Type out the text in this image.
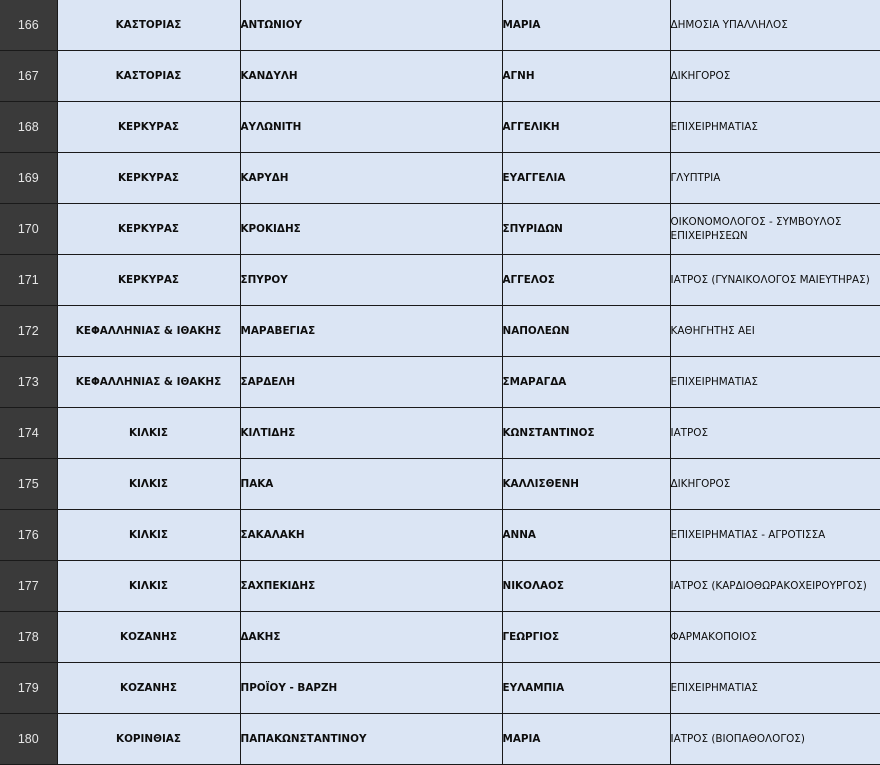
166	ΚΑΣΤΟΡΙΑΣ	ΑΝΤΩΝΙΟΥ	ΜΑΡΙΑ	ΔΗΜΟΣΙΑ ΥΠΑΛΛΗΛΟΣ
167	ΚΑΣΤΟΡΙΑΣ	ΚΑΝΔΥΛΗ	ΑΓΝΗ	ΔΙΚΗΓΟΡΟΣ
168	ΚΕΡΚΥΡΑΣ	ΑΥΛΩΝΙΤΗ	ΑΓΓΕΛΙΚΗ	ΕΠΙΧΕΙΡΗΜΑΤΙΑΣ
169	ΚΕΡΚΥΡΑΣ	ΚΑΡΥΔΗ	ΕΥΑΓΓΕΛΙΑ	ΓΛΥΠΤΡΙΑ
170	ΚΕΡΚΥΡΑΣ	ΚΡΟΚΙΔΗΣ	ΣΠΥΡΙΔΩΝ	ΟΙΚΟΝΟΜΟΛΟΓΟΣ - ΣΥΜΒΟΥΛΟΣ ΕΠΙΧΕΙΡΗΣΕΩΝ
171	ΚΕΡΚΥΡΑΣ	ΣΠΥΡΟΥ	ΑΓΓΕΛΟΣ	ΙΑΤΡΟΣ (ΓΥΝΑΙΚΟΛΟΓΟΣ ΜΑΙΕΥΤΗΡΑΣ)
172	ΚΕΦΑΛΛΗΝΙΑΣ & ΙΘΑΚΗΣ	ΜΑΡΑΒΕΓΙΑΣ	ΝΑΠΟΛΕΩΝ	ΚΑΘΗΓΗΤΗΣ ΑΕΙ
173	ΚΕΦΑΛΛΗΝΙΑΣ & ΙΘΑΚΗΣ	ΣΑΡΔΕΛΗ	ΣΜΑΡΑΓΔΑ	ΕΠΙΧΕΙΡΗΜΑΤΙΑΣ
174	ΚΙΛΚΙΣ	ΚΙΛΤΙΔΗΣ	ΚΩΝΣΤΑΝΤΙΝΟΣ	ΙΑΤΡΟΣ
175	ΚΙΛΚΙΣ	ΠΑΚΑ	ΚΑΛΛΙΣΘΕΝΗ	ΔΙΚΗΓΟΡΟΣ
176	ΚΙΛΚΙΣ	ΣΑΚΑΛΑΚΗ	ΑΝΝΑ	ΕΠΙΧΕΙΡΗΜΑΤΙΑΣ - ΑΓΡΟΤΙΣΣΑ
177	ΚΙΛΚΙΣ	ΣΑΧΠΕΚΙΔΗΣ	ΝΙΚΟΛΑΟΣ	ΙΑΤΡΟΣ (ΚΑΡΔΙΟΘΩΡΑΚΟΧΕΙΡΟΥΡΓΟΣ)
178	ΚΟΖΑΝΗΣ	ΔΑΚΗΣ	ΓΕΩΡΓΙΟΣ	ΦΑΡΜΑΚΟΠΟΙΟΣ
179	ΚΟΖΑΝΗΣ	ΠΡΟΪΟΥ - ΒΑΡΖΗ	ΕΥΛΑΜΠΙΑ	ΕΠΙΧΕΙΡΗΜΑΤΙΑΣ
180	ΚΟΡΙΝΘΙΑΣ	ΠΑΠΑΚΩΝΣΤΑΝΤΙΝΟΥ	ΜΑΡΙΑ	ΙΑΤΡΟΣ (ΒΙΟΠΑΘΟΛΟΓΟΣ)
